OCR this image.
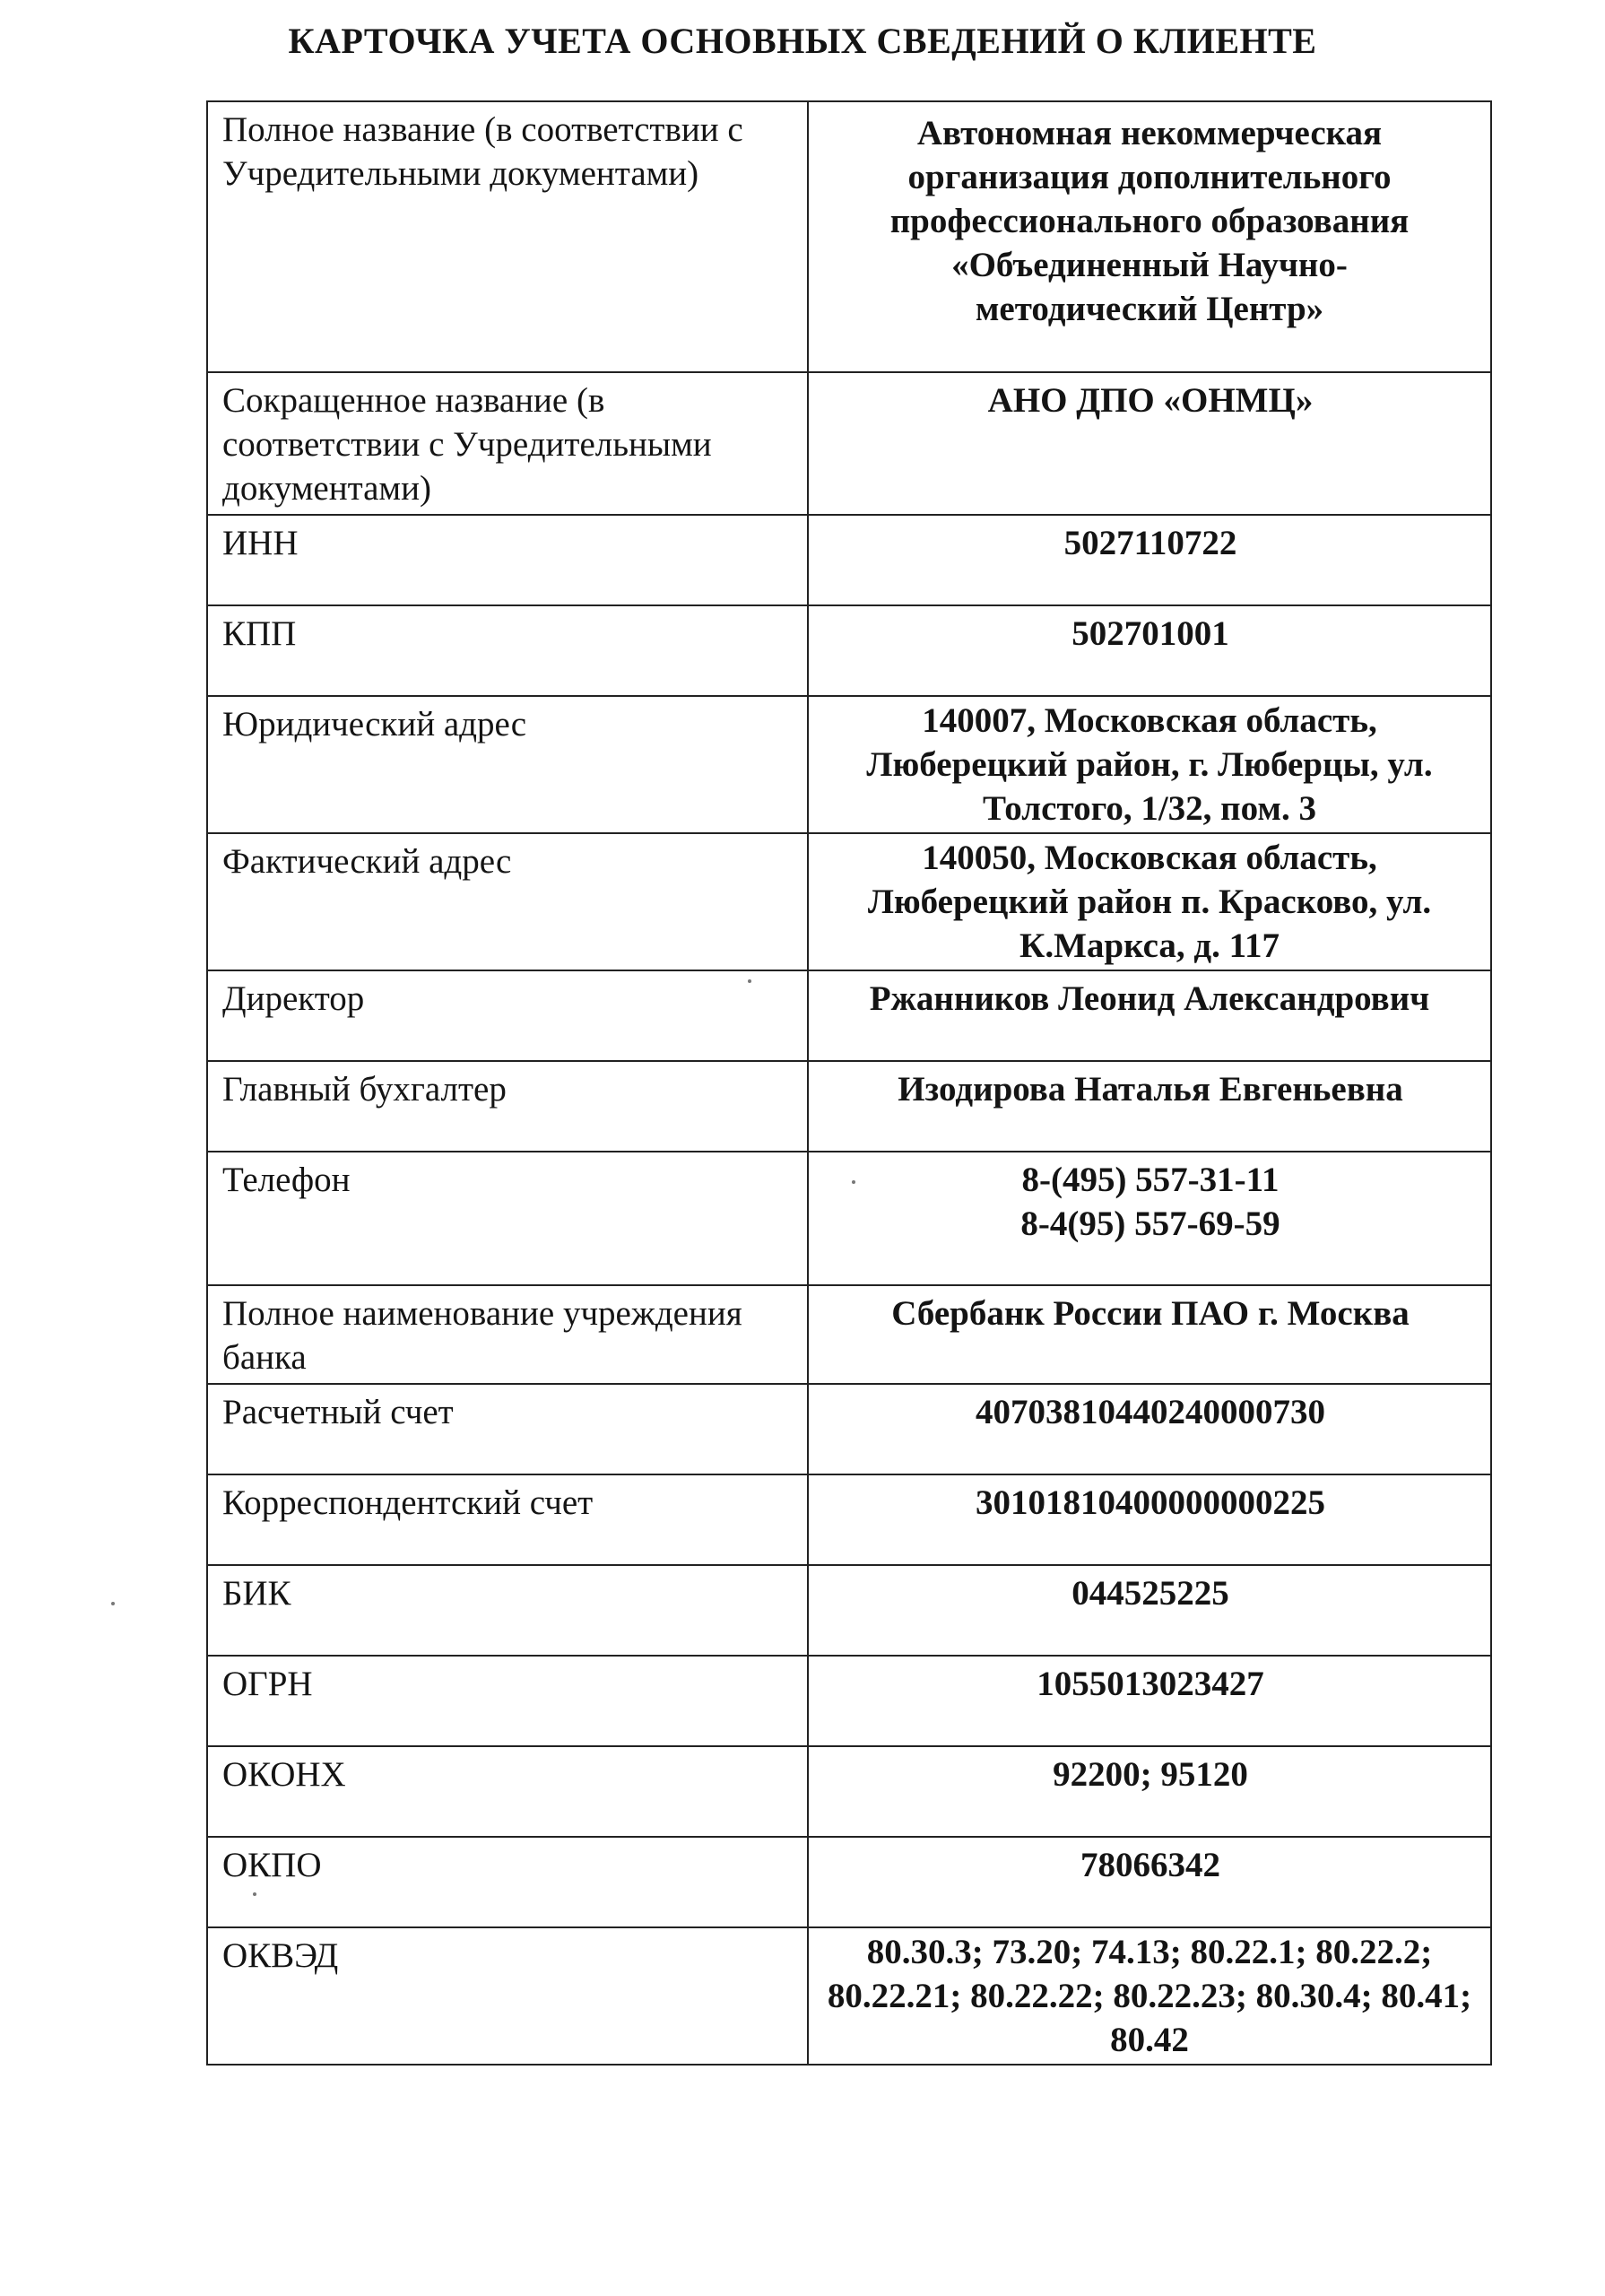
КАРТОЧКА УЧЕТА ОСНОВНЫХ СВЕДЕНИЙ О КЛИЕНТЕ
Полное название (в соответствии с Учредительными документами)	Автономная некоммерческая организация дополнительного профессионального образования «Объединенный Научно-методический Центр»
Сокращенное название (в соответствии с Учредительными документами)	АНО ДПО «ОНМЦ»
ИНН	5027110722
КПП	502701001
Юридический адрес	140007, Московская область, Люберецкий район, г. Люберцы, ул. Толстого, 1/32, пом. 3
Фактический адрес	140050, Московская область, Люберецкий район п. Красково, ул. К.Маркса, д. 117
Директор	Ржанников Леонид Александрович
Главный бухгалтер	Изодирова Наталья Евгеньевна
Телефон	8-(495) 557-31-11
8-4(95) 557-69-59

Полное наименование учреждения банка	Сбербанк России ПАО г. Москва
Расчетный счет	40703810440240000730
Корреспондентский счет	30101810400000000225
БИК	044525225
ОГРН	1055013023427
ОКОНХ	92200; 95120
ОКПО	78066342
ОКВЭД	80.30.3; 73.20; 74.13; 80.22.1; 80.22.2; 80.22.21; 80.22.22; 80.22.23; 80.30.4; 80.41; 80.42
